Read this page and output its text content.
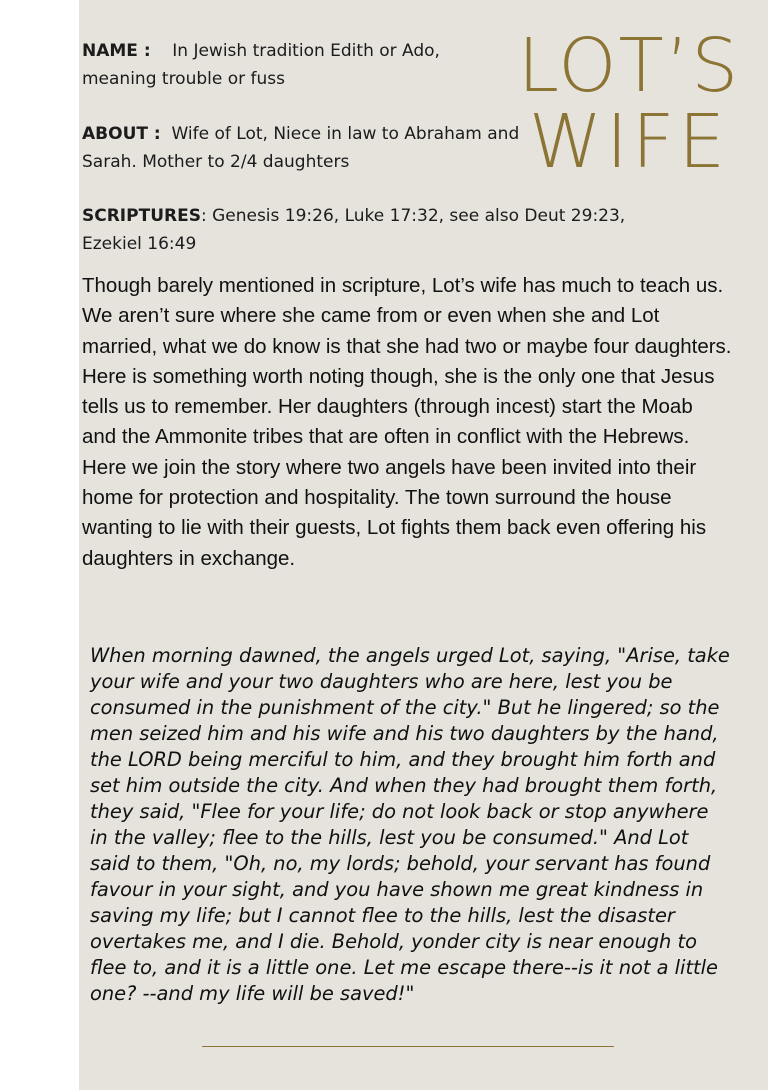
NAME : In Jewish tradition Edith or Ado, meaning trouble or fuss

ABOUT : Wife of Lot, Niece in law to Abraham and Sarah. Mother to 2/4 daughters

SCRIPTURES: Genesis 19:26, Luke 17:32, see also Deut 29:23, Ezekiel 16:49

LOT’S
WIFE

Though barely mentioned in scripture, Lot’s wife has much to teach us. We aren’t sure where she came from or even when she and Lot married, what we do know is that she had two or maybe four daughters. Here is something worth noting though, she is the only one that Jesus tells us to remember. Her daughters (through incest) start the Moab and the Ammonite tribes that are often in conflict with the Hebrews. Here we join the story where two angels have been invited into their home for protection and hospitality. The town surround the house wanting to lie with their guests, Lot fights them back even offering his daughters in exchange.

When morning dawned, the angels urged Lot, saying, "Arise, take your wife and your two daughters who are here, lest you be consumed in the punishment of the city." But he lingered; so the men seized him and his wife and his two daughters by the hand, the LORD being merciful to him, and they brought him forth and set him outside the city. And when they had brought them forth, they said, "Flee for your life; do not look back or stop anywhere in the valley; flee to the hills, lest you be consumed." And Lot said to them, "Oh, no, my lords; behold, your servant has found favour in your sight, and you have shown me great kindness in saving my life; but I cannot flee to the hills, lest the disaster overtakes me, and I die. Behold, yonder city is near enough to flee to, and it is a little one. Let me escape there--is it not a little one? --and my life will be saved!"
